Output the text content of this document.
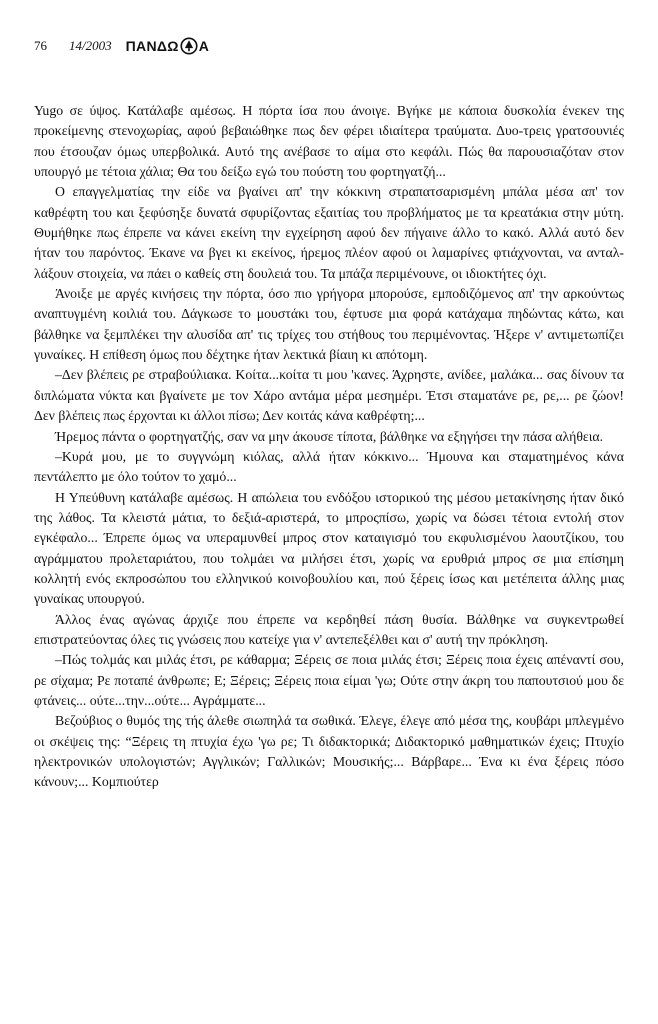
76 14/2003 ΠΑΝΔΩ Α

Yugo σε ύψος. Κατάλαβε αμέσως. Η πόρτα ίσα που άνοιγε. Βγήκε με κάποια δυσκολία ένεκεν της προκείμενης στενοχωρίας, αφού βεβαιώθηκε πως δεν φέρει ιδιαίτερα τραύματα. Δυο-τρεις γρατσουνιές που έτσουζαν όμως υπερβολικά. Αυτό της ανέβασε το αίμα στο κεφάλι. Πώς θα παρουσιαζόταν στον υπουργό με τέτοια χάλια; Θα του δείξω εγώ του πούστη του φορτηγατζή...

Ο επαγγελματίας την είδε να βγαίνει απ' την κόκκινη στραπατσαρισμένη μπάλα μέσα απ' τον καθρέφτη του και ξεφύσηξε δυνατά σφυρίζοντας εξαιτίας του προβλήματος με τα κρεατάκια στην μύτη. Θυμήθηκε πως έπρεπε να κάνει εκείνη την εγχείρηση αφού δεν πήγαινε άλλο το κακό. Αλλά αυτό δεν ήταν του παρόντος. Έκανε να βγει κι εκείνος, ήρεμος πλέον αφού οι λαμαρίνες φτιάχνονται, να ανταλλάξουν στοιχεία, να πάει ο καθείς στη δουλειά του. Τα μπάζα περιμένουνε, οι ιδιοκτήτες όχι.

Άνοιξε με αργές κινήσεις την πόρτα, όσο πιο γρήγορα μπορούσε, εμποδιζόμενος απ' την αρκούντως αναπτυγμένη κοιλιά του. Δάγκωσε το μουστάκι του, έφτυσε μια φορά κατάχαμα πηδώντας κάτω, και βάλθηκε να ξεμπλέκει την αλυσίδα απ' τις τρίχες του στήθους του περιμένοντας. Ήξερε ν' αντιμετωπίζει γυναίκες. Η επίθεση όμως που δέχτηκε ήταν λεκτικά βίαιη κι απότομη.

–Δεν βλέπεις ρε στραβούλιακα. Κοίτα...κοίτα τι μου 'κανες. Άχρηστε, ανίδεε, μαλάκα... σας δίνουν τα διπλώματα νύκτα και βγαίνετε με τον Χάρο αντάμα μέρα μεσημέρι. Έτσι σταματάνε ρε, ρε,... ρε ζώον! Δεν βλέπεις πως έρχονται κι άλλοι πίσω; Δεν κοιτάς κάνα καθρέφτη;...

Ήρεμος πάντα ο φορτηγατζής, σαν να μην άκουσε τίποτα, βάλθηκε να εξηγήσει την πάσα αλήθεια.

–Κυρά μου, με το συγγνώμη κιόλας, αλλά ήταν κόκκινο... Ήμουνα και σταματημένος κάνα πεντάλεπτο με όλο τούτον το χαμό...

Η Υπεύθυνη κατάλαβε αμέσως. Η απώλεια του ενδόξου ιστορικού της μέσου μετακίνησης ήταν δικό της λάθος. Τα κλειστά μάτια, το δεξιά-αριστερά, το μπροςπίσω, χωρίς να δώσει τέτοια εντολή στον εγκέφαλο... Έπρεπε όμως να υπεραμυνθεί μπρος στον καταιγισμό του εκφυλισμένου λαουτζίκου, του αγράμματου προλεταριάτου, που τολμάει να μιλήσει έτσι, χωρίς να ερυθριά μπρος σε μια επίσημη κολλητή ενός εκπροσώπου του ελληνικού κοινοβουλίου και, πού ξέρεις ίσως και μετέπειτα άλλης μιας γυναίκας υπουργού.

Άλλος ένας αγώνας άρχιζε που έπρεπε να κερδηθεί πάση θυσία. Βάλθηκε να συγκεντρωθεί επιστρατεύοντας όλες τις γνώσεις που κατείχε για ν' αντεπεξέλθει και σ' αυτή την πρόκληση.

–Πώς τολμάς και μιλάς έτσι, ρε κάθαρμα; Ξέρεις σε ποια μιλάς έτσι; Ξέρεις ποια έχεις απέναντί σου, ρε σίχαμα; Ρε ποταπέ άνθρωπε; Ε; Ξέρεις; Ξέρεις ποια είμαι 'γω; Ούτε στην άκρη του παπουτσιού μου δε φτάνεις... ούτε...την...ούτε... Αγράμματε...

Βεζούβιος ο θυμός της τής άλεθε σιωπηλά τα σωθικά. Έλεγε, έλεγε από μέσα της, κουβάρι μπλεγμένο οι σκέψεις της: “Ξέρεις τη πτυχία έχω 'γω ρε; Τι διδακτορικά; Διδακτορικό μαθηματικών έχεις; Πτυχίο ηλεκτρονικών υπολογιστών; Αγγλικών; Γαλλικών; Μουσικής;... Βάρβαρε... Ένα κι ένα ξέρεις πόσο κάνουν;... Κομπιούτερ
